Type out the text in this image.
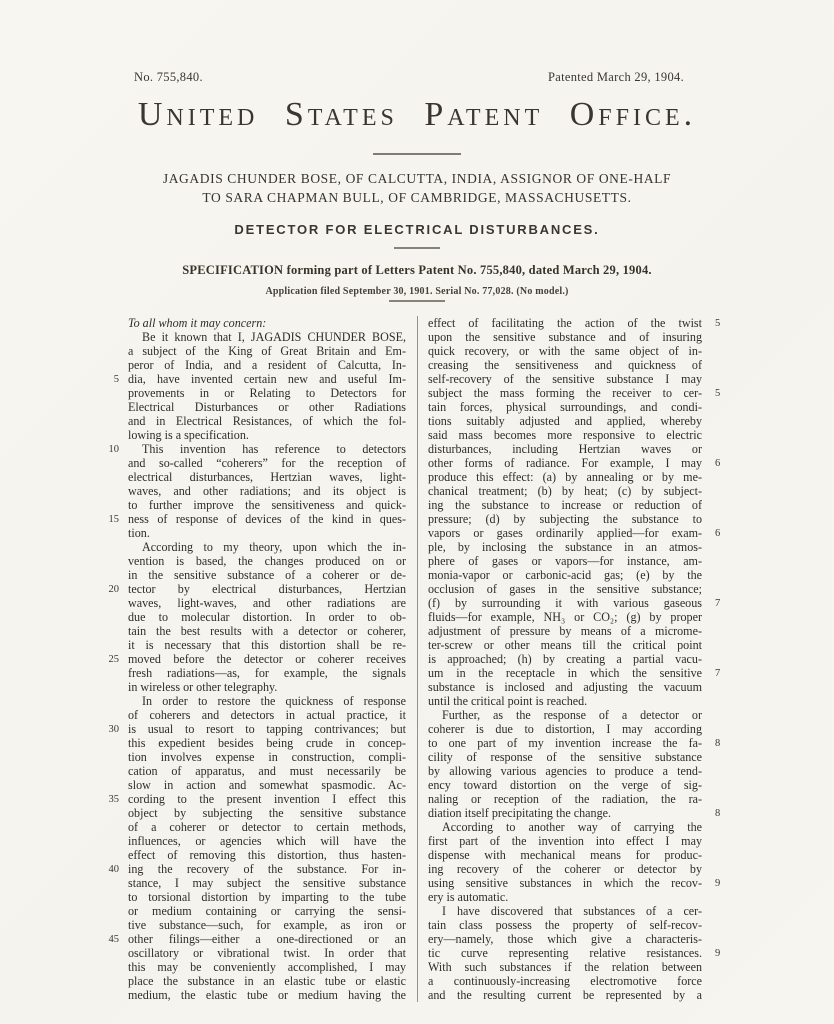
No. 755,840.	Patented March 29, 1904.
United States Patent Office.
JAGADIS CHUNDER BOSE, OF CALCUTTA, INDIA, ASSIGNOR OF ONE-HALF
TO SARA CHAPMAN BULL, OF CAMBRIDGE, MASSACHUSETTS.
DETECTOR FOR ELECTRICAL DISTURBANCES.
SPECIFICATION forming part of Letters Patent No. 755,840, dated March 29, 1904.
Application filed September 30, 1901. Serial No. 77,028. (No model.)
To all whom it may concern:
Be it known that I, JAGADIS CHUNDER BOSE,
a subject of the King of Great Britain and Em-
peror of India, and a resident of Calcutta, In-
5 dia, have invented certain new and useful Im-
provements in or Relating to Detectors for
Electrical Disturbances or other Radiations
and in Electrical Resistances, of which the fol-
lowing is a specification.
10	This invention has reference to detectors
and so-called “coherers” for the reception of
electrical disturbances, Hertzian waves, light-
waves, and other radiations; and its object is
to further improve the sensitiveness and quick-
15 ness of response of devices of the kind in ques-
tion.
According to my theory, upon which the in-
vention is based, the changes produced on or
in the sensitive substance of a coherer or de-
20 tector by electrical disturbances, Hertzian
waves, light-waves, and other radiations are
due to molecular distortion. In order to ob-
tain the best results with a detector or coherer,
it is necessary that this distortion shall be re-
25 moved before the detector or coherer receives
fresh radiations—as, for example, the signals
in wireless or other telegraphy.
In order to restore the quickness of response
of coherers and detectors in actual practice, it
30 is usual to resort to tapping contrivances; but
this expedient besides being crude in concep-
tion involves expense in construction, compli-
cation of apparatus, and must necessarily be
slow in action and somewhat spasmodic. Ac-
35 cording to the present invention I effect this
object by subjecting the sensitive substance
of a coherer or detector to certain methods,
influences, or agencies which will have the
effect of removing this distortion, thus hasten-
40 ing the recovery of the substance. For in-
stance, I may subject the sensitive substance
to torsional distortion by imparting to the tube
or medium containing or carrying the sensi-
tive substance—such, for example, as iron or
45 other filings—either a one-directioned or an
oscillatory or vibrational twist. In order that
this may be conveniently accomplished, I may
place the substance in an elastic tube or elastic
medium, the elastic tube or medium having the
5
effect of facilitating the action of the twist
upon the sensitive substance and of insuring
quick recovery, or with the same object of in-
creasing the sensitiveness and quickness of
self-recovery of the sensitive substance I may
5
subject the mass forming the receiver to cer-
tain forces, physical surroundings, and condi-
tions suitably adjusted and applied, whereby
said mass becomes more responsive to electric
disturbances, including Hertzian waves or
6
other forms of radiance. For example, I may
produce this effect: (a) by annealing or by me-
chanical treatment; (b) by heat; (c) by subject-
ing the substance to increase or reduction of
pressure; (d) by subjecting the substance to
6
vapors or gases ordinarily applied—for exam-
ple, by inclosing the substance in an atmos-
phere of gases or vapors—for instance, am-
monia-vapor or carbonic-acid gas; (e) by the
occlusion of gases in the sensitive substance;
7
(f) by surrounding it with various gaseous
fluids—for example, NH₃ or CO₂; (g) by proper
adjustment of pressure by means of a microme-
ter-screw or other means till the critical point
is approached; (h) by creating a partial vacu-
7
um in the receptacle in which the sensitive
substance is inclosed and adjusting the vacuum
until the critical point is reached.
Further, as the response of a detector or
coherer is due to distortion, I may according
8
to one part of my invention increase the fa-
cility of response of the sensitive substance
by allowing various agencies to produce a tend-
ency toward distortion on the verge of sig-
naling or reception of the radiation, the ra-
8
diation itself precipitating the change.
According to another way of carrying the
first part of the invention into effect I may
dispense with mechanical means for produc-
ing recovery of the coherer or detector by
9
using sensitive substances in which the recov-
ery is automatic.
I have discovered that substances of a cer-
tain class possess the property of self-recov-
ery—namely, those which give a characteris-
9
tic curve representing relative resistances.
With such substances if the relation between
a continuously-increasing electromotive force
and the resulting current be represented by a
